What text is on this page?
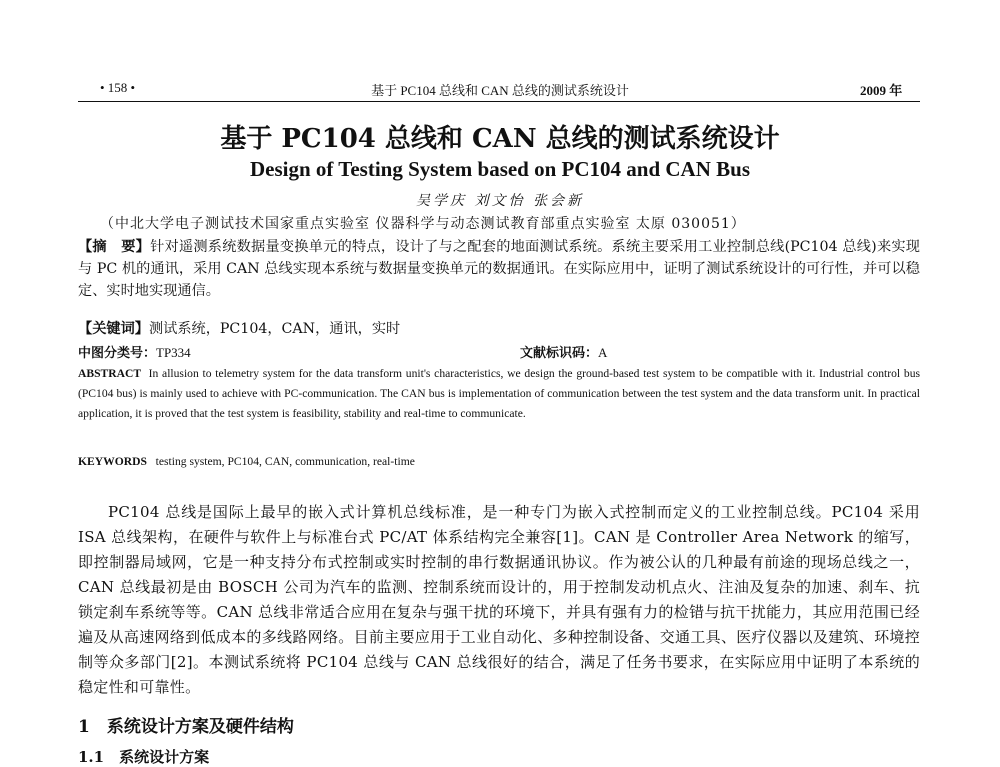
• 158 •	基于 PC104 总线和 CAN 总线的测试系统设计	2009 年
基于 PC104 总线和 CAN 总线的测试系统设计
Design of Testing System based on PC104 and CAN Bus
吴学庆 刘文怡 张会新
（中北大学电子测试技术国家重点实验室 仪器科学与动态测试教育部重点实验室 太原 030051）
【摘　要】针对遥测系统数据量变换单元的特点，设计了与之配套的地面测试系统。系统主要采用工业控制总线(PC104 总线)来实现与 PC 机的通讯，采用 CAN 总线实现本系统与数据量变换单元的数据通讯。在实际应用中，证明了测试系统设计的可行性，并可以稳定、实时地实现通信。
【关键词】测试系统，PC104，CAN，通讯，实时
中图分类号：TP334	文献标识码：A
ABSTRACT In allusion to telemetry system for the data transform unit's characteristics, we design the ground-based test system to be compatible with it. Industrial control bus (PC104 bus) is mainly used to achieve with PC-communication. The CAN bus is implementation of communication between the test system and the data transform unit. In practical application, it is proved that the test system is feasibility, stability and real-time to communicate.
KEYWORDS testing system, PC104, CAN, communication, real-time
PC104 总线是国际上最早的嵌入式计算机总线标准，是一种专门为嵌入式控制而定义的工业控制总线。PC104 采用 ISA 总线架构，在硬件与软件上与标准台式 PC/AT 体系结构完全兼容[1]。CAN 是 Controller Area Network 的缩写，即控制器局域网，它是一种支持分布式控制或实时控制的串行数据通讯协议。作为被公认的几种最有前途的现场总线之一，CAN 总线最初是由 BOSCH 公司为汽车的监测、控制系统而设计的，用于控制发动机点火、注油及复杂的加速、刹车、抗锁定刹车系统等等。CAN 总线非常适合应用在复杂与强干扰的环境下，并具有强有力的检错与抗干扰能力，其应用范围已经遍及从高速网络到低成本的多线路网络。目前主要应用于工业自动化、多种控制设备、交通工具、医疗仪器以及建筑、环境控制等众多部门[2]。本测试系统将 PC104 总线与 CAN 总线很好的结合，满足了任务书要求，在实际应用中证明了本系统的稳定性和可靠性。
1　系统设计方案及硬件结构
1.1　系统设计方案
